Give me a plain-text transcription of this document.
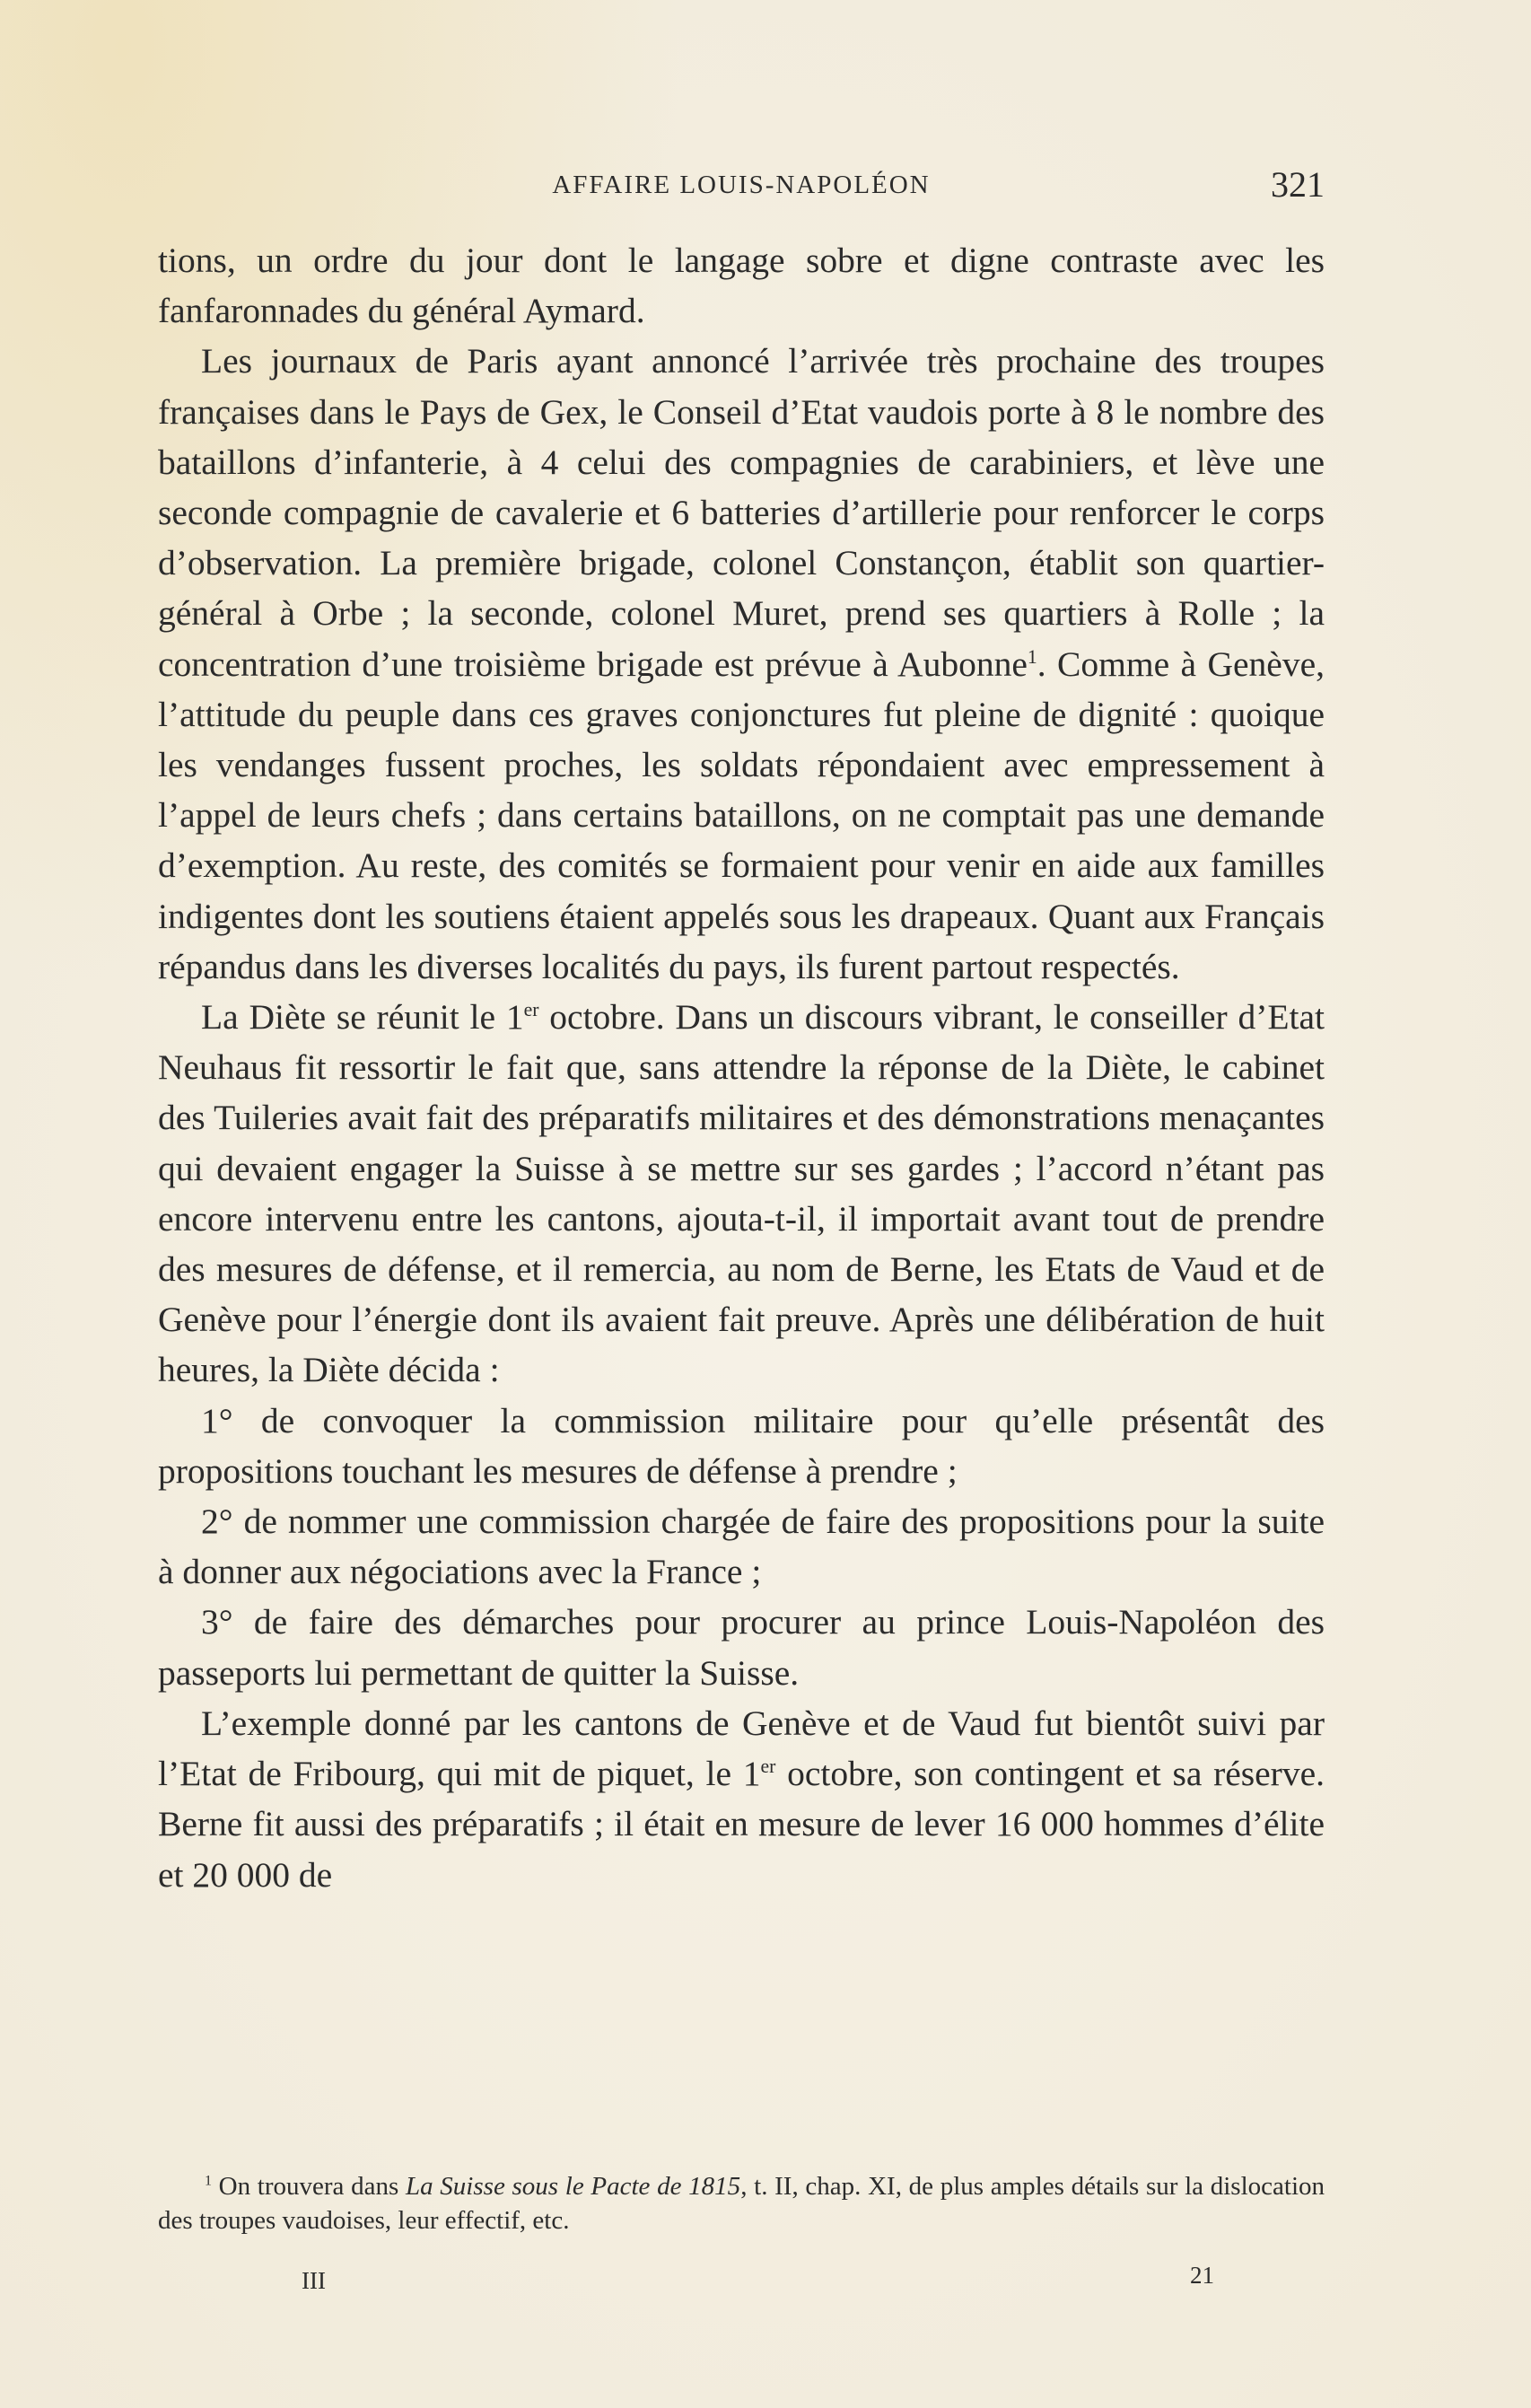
AFFAIRE LOUIS-NAPOLÉON	321

tions, un ordre du jour dont le langage sobre et digne contraste avec les fanfaronnades du général Aymard.

Les journaux de Paris ayant annoncé l’arrivée très prochaine des troupes françaises dans le Pays de Gex, le Conseil d’Etat vaudois porte à 8 le nombre des bataillons d’infanterie, à 4 celui des compagnies de carabiniers, et lève une seconde compagnie de cavalerie et 6 batteries d’artillerie pour renforcer le corps d’observation. La première brigade, colonel Constançon, établit son quartier-général à Orbe ; la seconde, colonel Muret, prend ses quartiers à Rolle ; la concentration d’une troisième brigade est prévue à Aubonne$^1$. Comme à Genève, l’attitude du peuple dans ces graves conjonctures fut pleine de dignité : quoique les vendanges fussent proches, les soldats répondaient avec empressement à l’appel de leurs chefs ; dans certains bataillons, on ne comptait pas une demande d’exemption. Au reste, des comités se formaient pour venir en aide aux familles indigentes dont les soutiens étaient appelés sous les drapeaux. Quant aux Français répandus dans les diverses localités du pays, ils furent partout respectés.

La Diète se réunit le 1er octobre. Dans un discours vibrant, le conseiller d’Etat Neuhaus fit ressortir le fait que, sans attendre la réponse de la Diète, le cabinet des Tuileries avait fait des préparatifs militaires et des démonstrations menaçantes qui devaient engager la Suisse à se mettre sur ses gardes ; l’accord n’étant pas encore intervenu entre les cantons, ajouta-t-il, il importait avant tout de prendre des mesures de défense, et il remercia, au nom de Berne, les Etats de Vaud et de Genève pour l’énergie dont ils avaient fait preuve. Après une délibération de huit heures, la Diète décida :

1° de convoquer la commission militaire pour qu’elle présentât des propositions touchant les mesures de défense à prendre ;

2° de nommer une commission chargée de faire des propositions pour la suite à donner aux négociations avec la France ;

3° de faire des démarches pour procurer au prince Louis-Napoléon des passeports lui permettant de quitter la Suisse.

L’exemple donné par les cantons de Genève et de Vaud fut bientôt suivi par l’Etat de Fribourg, qui mit de piquet, le 1er octobre, son contingent et sa réserve. Berne fit aussi des préparatifs ; il était en mesure de lever 16 000 hommes d’élite et 20 000 de

$^1$ On trouvera dans La Suisse sous le Pacte de 1815, t. II, chap. XI, de plus amples détails sur la dislocation des troupes vaudoises, leur effectif, etc.
III	21
